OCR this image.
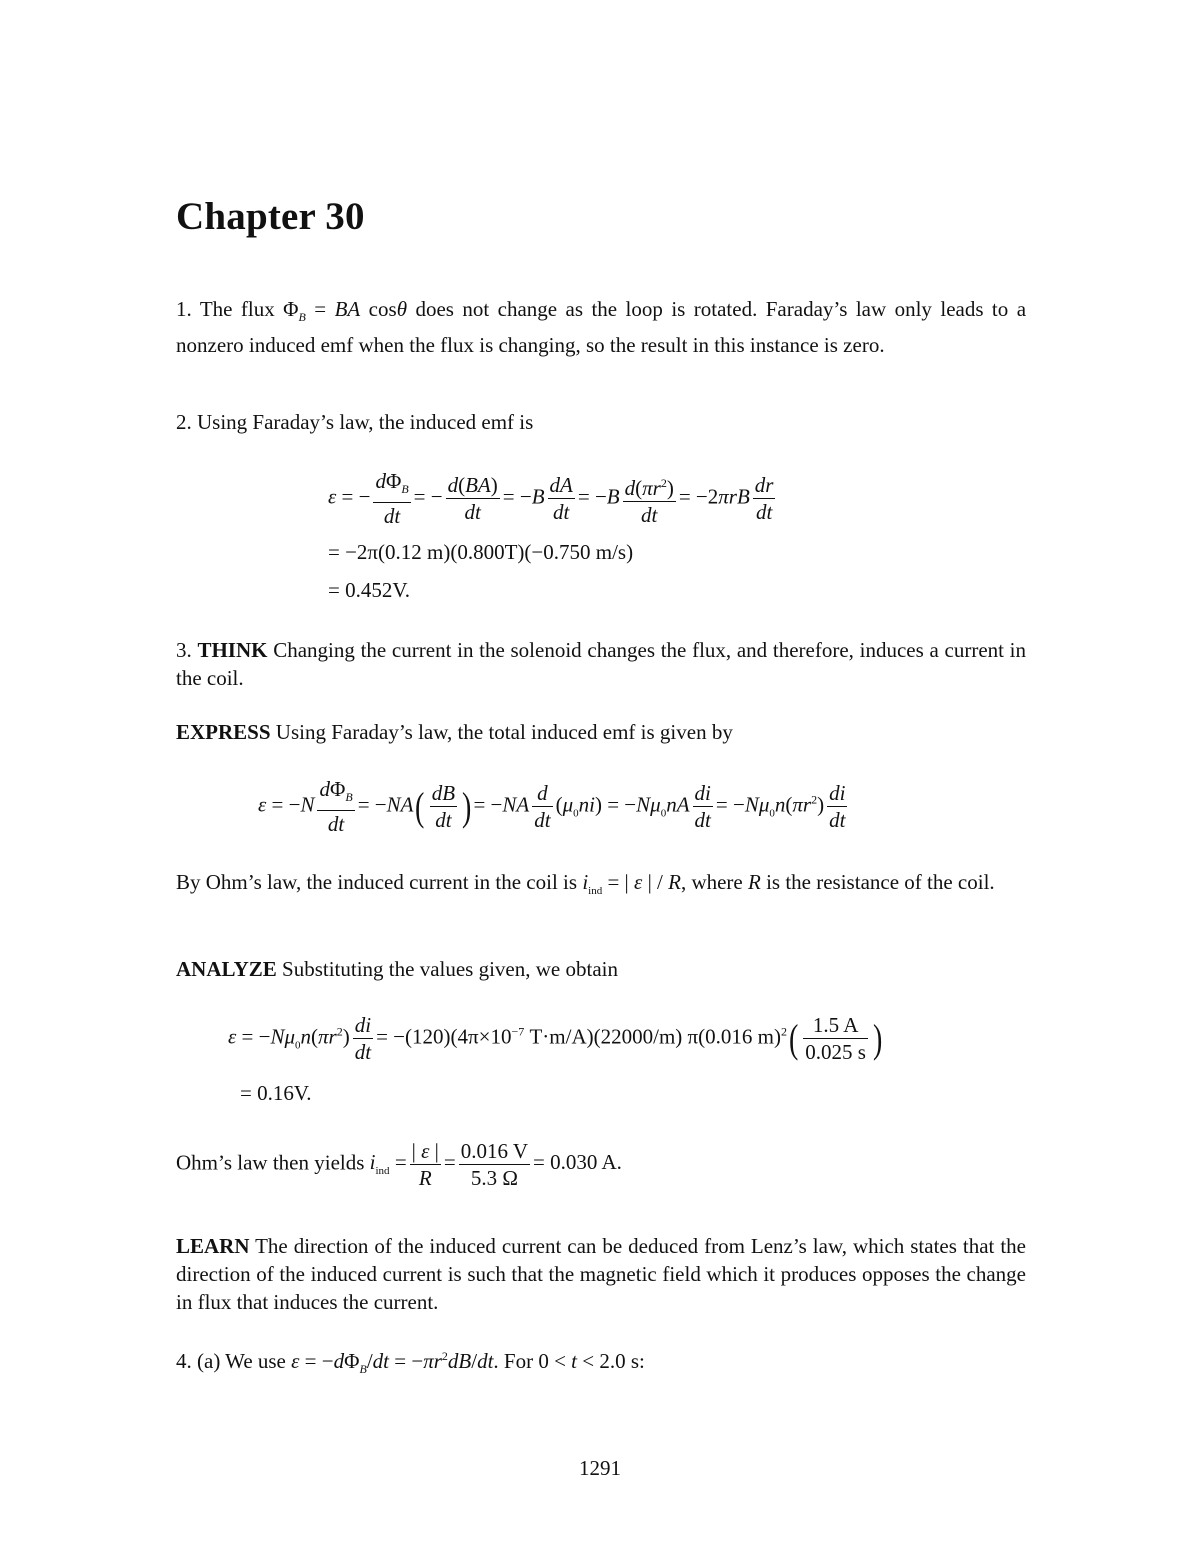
Chapter 30
1. The flux $\Phi_B$ = BA cosθ does not change as the loop is rotated. Faraday’s law only leads to a nonzero induced emf when the flux is changing, so the result in this instance is zero.
2. Using Faraday’s law, the induced emf is
ε = − $\frac{d\Phi_B}{dt}$ = − $\frac{d(BA)}{dt} = -B \frac{dA}{dt} = -B \frac{d(\pi r^2)}{dt} = -2\pi rB \frac{dr}{dt}$
= −2π(0.12 m)(0.800T)(−0.750 m/s)
= 0.452V.
3. THINK Changing the current in the solenoid changes the flux, and therefore, induces a current in the coil.
EXPRESS Using Faraday’s law, the total induced emf is given by
$\varepsilon = -N \frac{d\Phi_B}{dt} = -NA( \frac{dB}{dt}$ )= $-NA \frac{d}{dt} (\mu_0ni) = -N\mu_0nA \frac{di}{dt} = -N\mu_0n(\pi r^2) \frac{di}{dt}$
By Ohm’s law, the induced current in the coil is $i_{ind}$ = | ε | / R, where R is the resistance of the coil.
ANALYZE Substituting the values given, we obtain
$\varepsilon = -N\mu_0n(\pi r^2) \frac{di}{dt} = -(120)(4\pi\times 10^{-7}$ T·m/A)(22000/m) π(0.016 $m)^2( \frac{1.5 A}{0.025 s}$ )
= 0.16V.
Ohm’s law then yields $i_{ind} = \frac{| \varepsilon |}{R} = \frac{0.016 V}{5.3 \Omega} = 0.030$ A.
LEARN The direction of the induced current can be deduced from Lenz’s law, which states that the direction of the induced current is such that the magnetic field which it produces opposes the change in flux that induces the current.
4. (a) We use $\varepsilon = -d\Phi_B/dt = -\pi r^2dB/dt$. For 0 < t < 2.0 s:
1291
